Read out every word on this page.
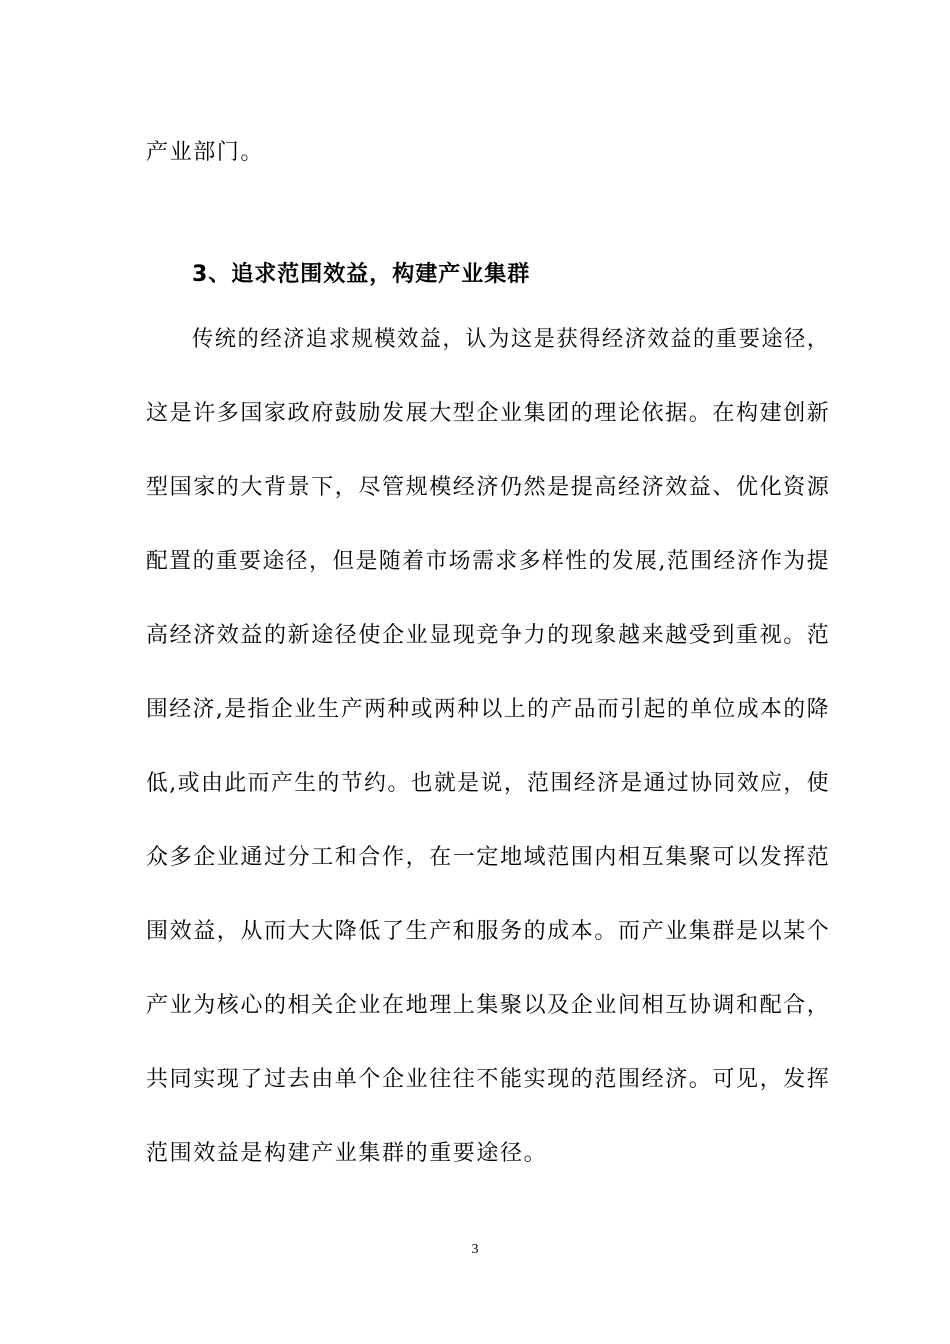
产业部门。
3、追求范围效益，构建产业集群
传统的经济追求规模效益，认为这是获得经济效益的重要途径，
这是许多国家政府鼓励发展大型企业集团的理论依据。在构建创新
型国家的大背景下，尽管规模经济仍然是提高经济效益、优化资源
配置的重要途径，但是随着市场需求多样性的发展,范围经济作为提
高经济效益的新途径使企业显现竞争力的现象越来越受到重视。范
围经济,是指企业生产两种或两种以上的产品而引起的单位成本的降
低,或由此而产生的节约。也就是说，范围经济是通过协同效应，使
众多企业通过分工和合作，在一定地域范围内相互集聚可以发挥范
围效益，从而大大降低了生产和服务的成本。而产业集群是以某个
产业为核心的相关企业在地理上集聚以及企业间相互协调和配合，
共同实现了过去由单个企业往往不能实现的范围经济。可见，发挥
范围效益是构建产业集群的重要途径。
3
